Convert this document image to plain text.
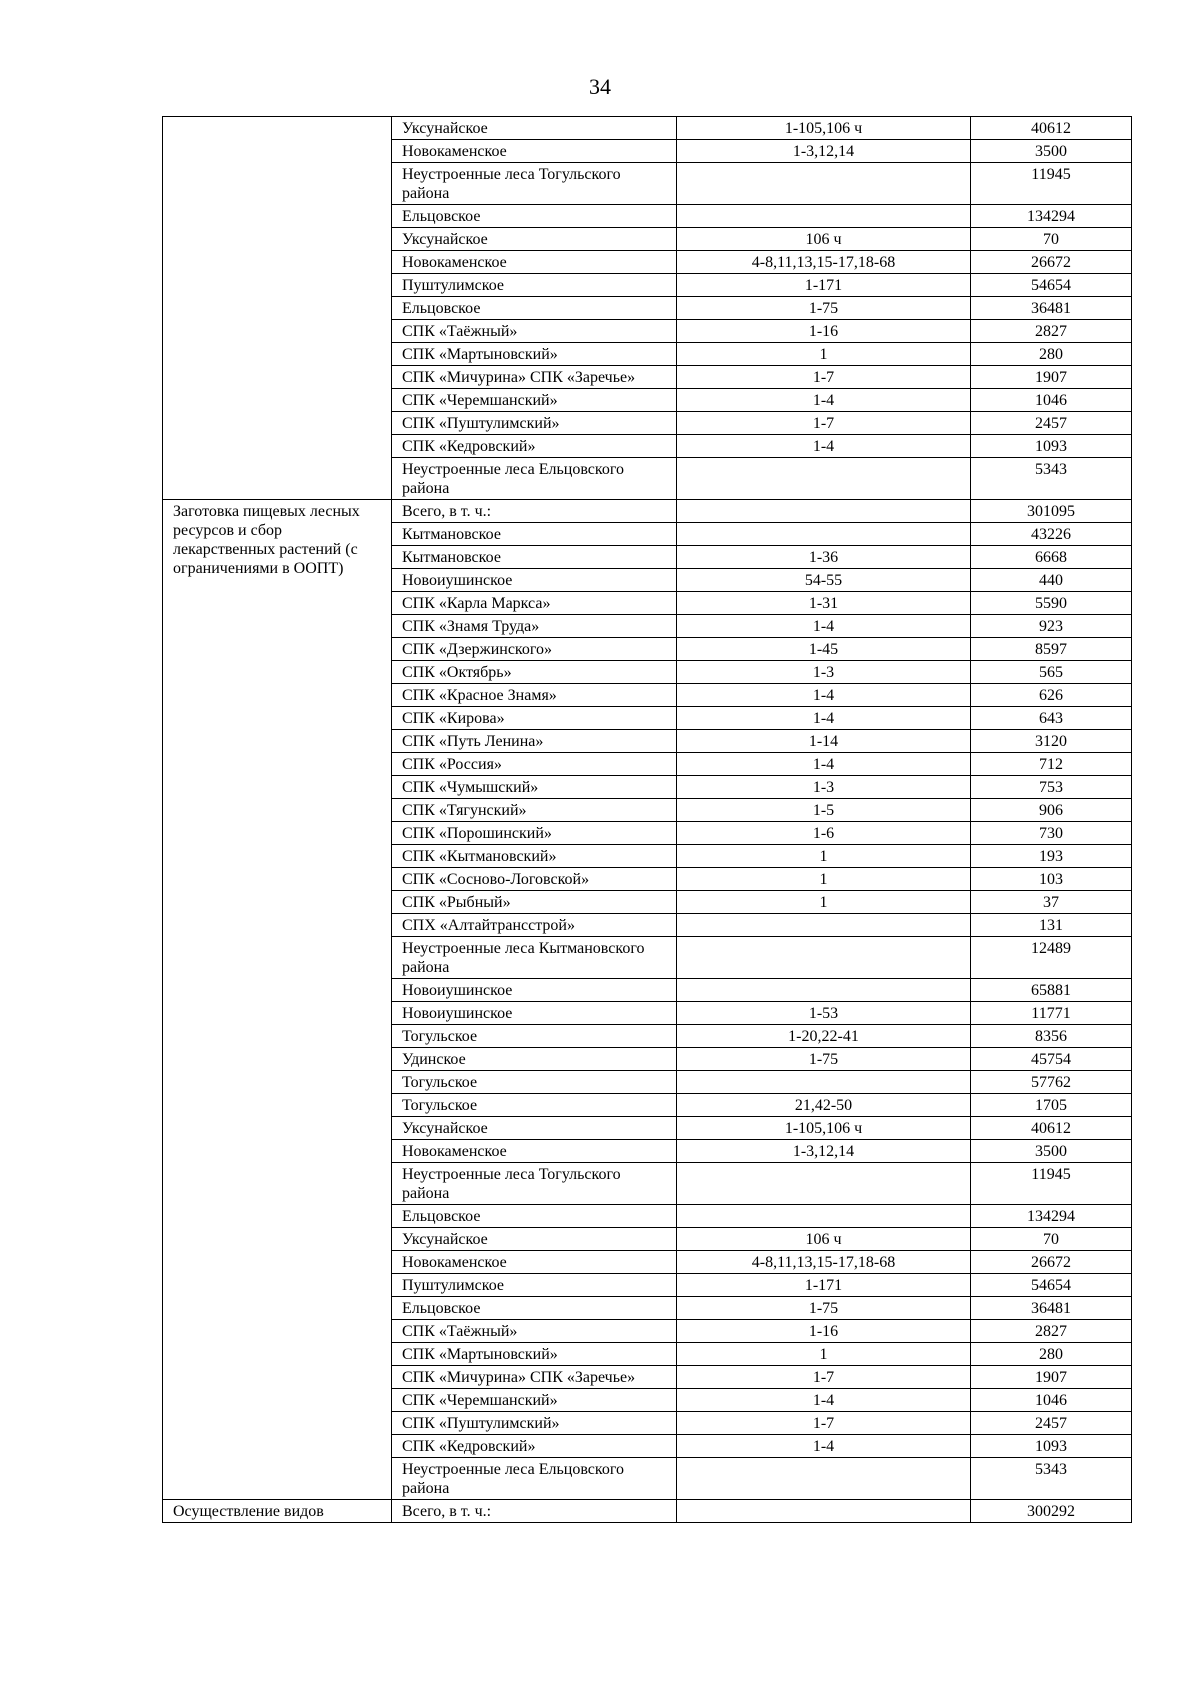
34
	Уксунайское	1-105,106 ч	40612
	Новокаменское	1-3,12,14	3500
	Неустроенные леса Тогульского района		11945
	Ельцовское		134294
	Уксунайское	106 ч	70
	Новокаменское	4-8,11,13,15-17,18-68	26672
	Пуштулимское	1-171	54654
	Ельцовское	1-75	36481
	СПК «Таёжный»	1-16	2827
	СПК «Мартыновский»	1	280
	СПК «Мичурина» СПК «Заречье»	1-7	1907
	СПК «Черемшанский»	1-4	1046
	СПК «Пуштулимский»	1-7	2457
	СПК «Кедровский»	1-4	1093
	Неустроенные леса Ельцовского района		5343
Заготовка пищевых лесных ресурсов и сбор лекарственных растений (с ограничениями в ООПТ)	Всего, в т. ч.:		301095
	Кытмановское		43226
	Кытмановское	1-36	6668
	Новоиушинское	54-55	440
	СПК «Карла Маркса»	1-31	5590
	СПК «Знамя Труда»	1-4	923
	СПК «Дзержинского»	1-45	8597
	СПК «Октябрь»	1-3	565
	СПК «Красное Знамя»	1-4	626
	СПК «Кирова»	1-4	643
	СПК «Путь Ленина»	1-14	3120
	СПК «Россия»	1-4	712
	СПК «Чумышский»	1-3	753
	СПК «Тягунский»	1-5	906
	СПК «Порошинский»	1-6	730
	СПК «Кытмановский»	1	193
	СПК «Сосново-Логовской»	1	103
	СПК «Рыбный»	1	37
	СПХ «Алтайтрансстрой»		131
	Неустроенные леса Кытмановского района		12489
	Новоиушинское		65881
	Новоиушинское	1-53	11771
	Тогульское	1-20,22-41	8356
	Удинское	1-75	45754
	Тогульское		57762
	Тогульское	21,42-50	1705
	Уксунайское	1-105,106 ч	40612
	Новокаменское	1-3,12,14	3500
	Неустроенные леса Тогульского района		11945
	Ельцовское		134294
	Уксунайское	106 ч	70
	Новокаменское	4-8,11,13,15-17,18-68	26672
	Пуштулимское	1-171	54654
	Ельцовское	1-75	36481
	СПК «Таёжный»	1-16	2827
	СПК «Мартыновский»	1	280
	СПК «Мичурина» СПК «Заречье»	1-7	1907
	СПК «Черемшанский»	1-4	1046
	СПК «Пуштулимский»	1-7	2457
	СПК «Кедровский»	1-4	1093
	Неустроенные леса Ельцовского района		5343
Осуществление видов	Всего, в т. ч.:		300292
